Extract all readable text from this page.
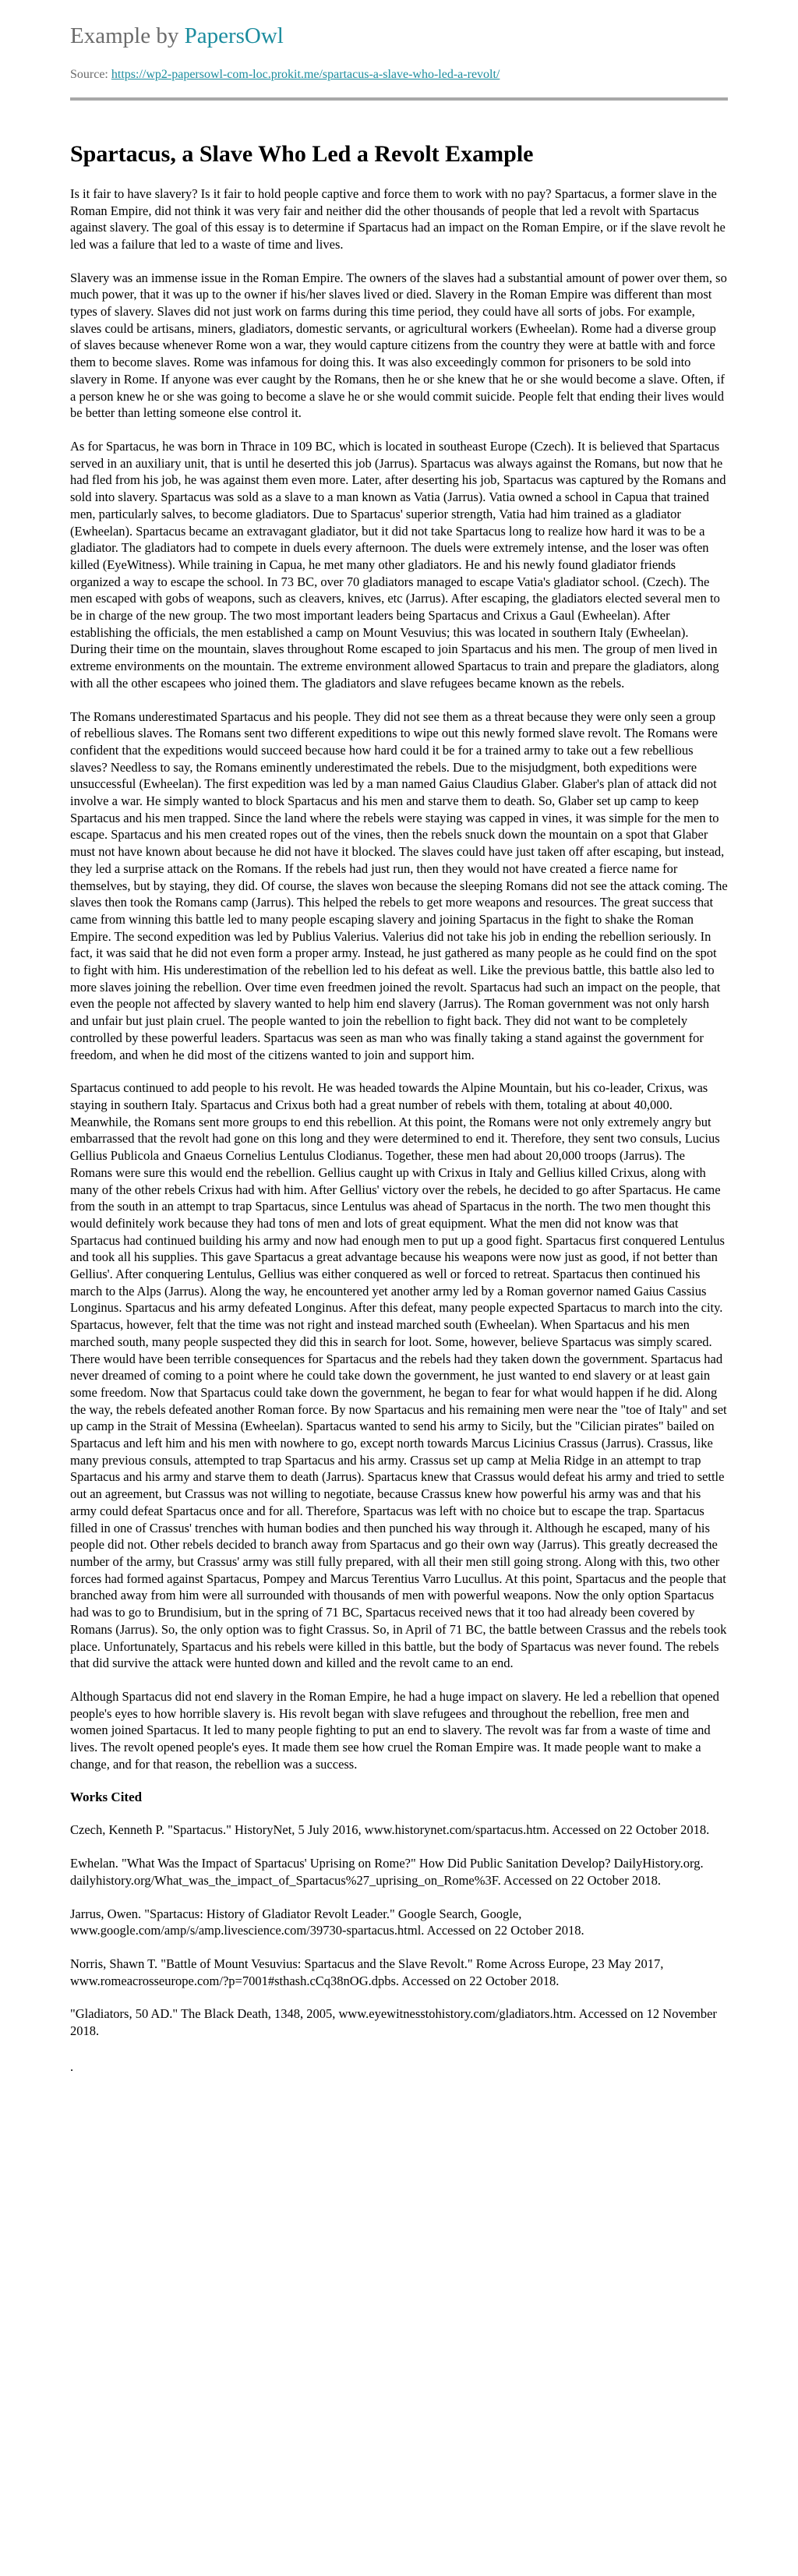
Example by PapersOwl
Source: https://wp2-papersowl-com-loc.prokit.me/spartacus-a-slave-who-led-a-revolt/
Spartacus, a Slave Who Led a Revolt Example

Is it fair to have slavery? Is it fair to hold people captive and force them to work with no pay? Spartacus, a former slave in the Roman Empire, did not think it was very fair and neither did the other thousands of people that led a revolt with Spartacus against slavery. The goal of this essay is to determine if Spartacus had an impact on the Roman Empire, or if the slave revolt he led was a failure that led to a waste of time and lives.

Slavery was an immense issue in the Roman Empire. The owners of the slaves had a substantial amount of power over them, so much power, that it was up to the owner if his/her slaves lived or died. Slavery in the Roman Empire was different than most types of slavery. Slaves did not just work on farms during this time period, they could have all sorts of jobs. For example, slaves could be artisans, miners, gladiators, domestic servants, or agricultural workers (Ewheelan). Rome had a diverse group of slaves because whenever Rome won a war, they would capture citizens from the country they were at battle with and force them to become slaves. Rome was infamous for doing this. It was also exceedingly common for prisoners to be sold into slavery in Rome. If anyone was ever caught by the Romans, then he or she knew that he or she would become a slave. Often, if a person knew he or she was going to become a slave he or she would commit suicide. People felt that ending their lives would be better than letting someone else control it.

As for Spartacus, he was born in Thrace in 109 BC, which is located in southeast Europe (Czech). It is believed that Spartacus served in an auxiliary unit, that is until he deserted this job (Jarrus). Spartacus was always against the Romans, but now that he had fled from his job, he was against them even more. Later, after deserting his job, Spartacus was captured by the Romans and sold into slavery. Spartacus was sold as a slave to a man known as Vatia (Jarrus). Vatia owned a school in Capua that trained men, particularly salves, to become gladiators. Due to Spartacus' superior strength, Vatia had him trained as a gladiator (Ewheelan). Spartacus became an extravagant gladiator, but it did not take Spartacus long to realize how hard it was to be a gladiator. The gladiators had to compete in duels every afternoon. The duels were extremely intense, and the loser was often killed (EyeWitness). While training in Capua, he met many other gladiators. He and his newly found gladiator friends organized a way to escape the school. In 73 BC, over 70 gladiators managed to escape Vatia's gladiator school. (Czech). The men escaped with gobs of weapons, such as cleavers, knives, etc (Jarrus). After escaping, the gladiators elected several men to be in charge of the new group. The two most important leaders being Spartacus and Crixus a Gaul (Ewheelan). After establishing the officials, the men established a camp on Mount Vesuvius; this was located in southern Italy (Ewheelan). During their time on the mountain, slaves throughout Rome escaped to join Spartacus and his men. The group of men lived in extreme environments on the mountain. The extreme environment allowed Spartacus to train and prepare the gladiators, along with all the other escapees who joined them. The gladiators and slave refugees became known as the rebels.

The Romans underestimated Spartacus and his people. They did not see them as a threat because they were only seen a group of rebellious slaves. The Romans sent two different expeditions to wipe out this newly formed slave revolt. The Romans were confident that the expeditions would succeed because how hard could it be for a trained army to take out a few rebellious slaves? Needless to say, the Romans eminently underestimated the rebels. Due to the misjudgment, both expeditions were unsuccessful (Ewheelan). The first expedition was led by a man named Gaius Claudius Glaber. Glaber's plan of attack did not involve a war. He simply wanted to block Spartacus and his men and starve them to death. So, Glaber set up camp to keep Spartacus and his men trapped. Since the land where the rebels were staying was capped in vines, it was simple for the men to escape. Spartacus and his men created ropes out of the vines, then the rebels snuck down the mountain on a spot that Glaber must not have known about because he did not have it blocked. The slaves could have just taken off after escaping, but instead, they led a surprise attack on the Romans. If the rebels had just run, then they would not have created a fierce name for themselves, but by staying, they did. Of course, the slaves won because the sleeping Romans did not see the attack coming. The slaves then took the Romans camp (Jarrus). This helped the rebels to get more weapons and resources. The great success that came from winning this battle led to many people escaping slavery and joining Spartacus in the fight to shake the Roman Empire. The second expedition was led by Publius Valerius. Valerius did not take his job in ending the rebellion seriously. In fact, it was said that he did not even form a proper army. Instead, he just gathered as many people as he could find on the spot to fight with him. His underestimation of the rebellion led to his defeat as well. Like the previous battle, this battle also led to more slaves joining the rebellion. Over time even freedmen joined the revolt. Spartacus had such an impact on the people, that even the people not affected by slavery wanted to help him end slavery (Jarrus). The Roman government was not only harsh and unfair but just plain cruel. The people wanted to join the rebellion to fight back. They did not want to be completely controlled by these powerful leaders. Spartacus was seen as man who was finally taking a stand against the government for freedom, and when he did most of the citizens wanted to join and support him.

Spartacus continued to add people to his revolt. He was headed towards the Alpine Mountain, but his co-leader, Crixus, was staying in southern Italy. Spartacus and Crixus both had a great number of rebels with them, totaling at about 40,000. Meanwhile, the Romans sent more groups to end this rebellion. At this point, the Romans were not only extremely angry but embarrassed that the revolt had gone on this long and they were determined to end it. Therefore, they sent two consuls, Lucius Gellius Publicola and Gnaeus Cornelius Lentulus Clodianus. Together, these men had about 20,000 troops (Jarrus). The Romans were sure this would end the rebellion. Gellius caught up with Crixus in Italy and Gellius killed Crixus, along with many of the other rebels Crixus had with him. After Gellius' victory over the rebels, he decided to go after Spartacus. He came from the south in an attempt to trap Spartacus, since Lentulus was ahead of Spartacus in the north. The two men thought this would definitely work because they had tons of men and lots of great equipment. What the men did not know was that Spartacus had continued building his army and now had enough men to put up a good fight. Spartacus first conquered Lentulus and took all his supplies. This gave Spartacus a great advantage because his weapons were now just as good, if not better than Gellius'. After conquering Lentulus, Gellius was either conquered as well or forced to retreat. Spartacus then continued his march to the Alps (Jarrus). Along the way, he encountered yet another army led by a Roman governor named Gaius Cassius Longinus. Spartacus and his army defeated Longinus. After this defeat, many people expected Spartacus to march into the city. Spartacus, however, felt that the time was not right and instead marched south (Ewheelan). When Spartacus and his men marched south, many people suspected they did this in search for loot. Some, however, believe Spartacus was simply scared. There would have been terrible consequences for Spartacus and the rebels had they taken down the government. Spartacus had never dreamed of coming to a point where he could take down the government, he just wanted to end slavery or at least gain some freedom. Now that Spartacus could take down the government, he began to fear for what would happen if he did. Along the way, the rebels defeated another Roman force. By now Spartacus and his remaining men were near the "toe of Italy" and set up camp in the Strait of Messina (Ewheelan). Spartacus wanted to send his army to Sicily, but the "Cilician pirates" bailed on Spartacus and left him and his men with nowhere to go, except north towards Marcus Licinius Crassus (Jarrus). Crassus, like many previous consuls, attempted to trap Spartacus and his army. Crassus set up camp at Melia Ridge in an attempt to trap Spartacus and his army and starve them to death (Jarrus). Spartacus knew that Crassus would defeat his army and tried to settle out an agreement, but Crassus was not willing to negotiate, because Crassus knew how powerful his army was and that his army could defeat Spartacus once and for all. Therefore, Spartacus was left with no choice but to escape the trap. Spartacus filled in one of Crassus' trenches with human bodies and then punched his way through it. Although he escaped, many of his people did not. Other rebels decided to branch away from Spartacus and go their own way (Jarrus). This greatly decreased the number of the army, but Crassus' army was still fully prepared, with all their men still going strong. Along with this, two other forces had formed against Spartacus, Pompey and Marcus Terentius Varro Lucullus. At this point, Spartacus and the people that branched away from him were all surrounded with thousands of men with powerful weapons. Now the only option Spartacus had was to go to Brundisium, but in the spring of 71 BC, Spartacus received news that it too had already been covered by Romans (Jarrus). So, the only option was to fight Crassus. So, in April of 71 BC, the battle between Crassus and the rebels took place. Unfortunately, Spartacus and his rebels were killed in this battle, but the body of Spartacus was never found. The rebels that did survive the attack were hunted down and killed and the revolt came to an end.

Although Spartacus did not end slavery in the Roman Empire, he had a huge impact on slavery. He led a rebellion that opened people's eyes to how horrible slavery is. His revolt began with slave refugees and throughout the rebellion, free men and women joined Spartacus. It led to many people fighting to put an end to slavery. The revolt was far from a waste of time and lives. The revolt opened people's eyes. It made them see how cruel the Roman Empire was. It made people want to make a change, and for that reason, the rebellion was a success.

Works Cited

Czech, Kenneth P. "Spartacus." HistoryNet, 5 July 2016, www.historynet.com/spartacus.htm. Accessed on 22 October 2018.

Ewhelan. "What Was the Impact of Spartacus' Uprising on Rome?" How Did Public Sanitation Develop? DailyHistory.org. dailyhistory.org/What_was_the_impact_of_Spartacus%27_uprising_on_Rome%3F. Accessed on 22 October 2018.

Jarrus, Owen. "Spartacus: History of Gladiator Revolt Leader." Google Search, Google, www.google.com/amp/s/amp.livescience.com/39730-spartacus.html. Accessed on 22 October 2018.

Norris, Shawn T. "Battle of Mount Vesuvius: Spartacus and the Slave Revolt." Rome Across Europe, 23 May 2017, www.romeacrosseurope.com/?p=7001#sthash.cCq38nOG.dpbs. Accessed on 22 October 2018.

"Gladiators, 50 AD." The Black Death, 1348, 2005, www.eyewitnesstohistory.com/gladiators.htm. Accessed on 12 November 2018.

.
